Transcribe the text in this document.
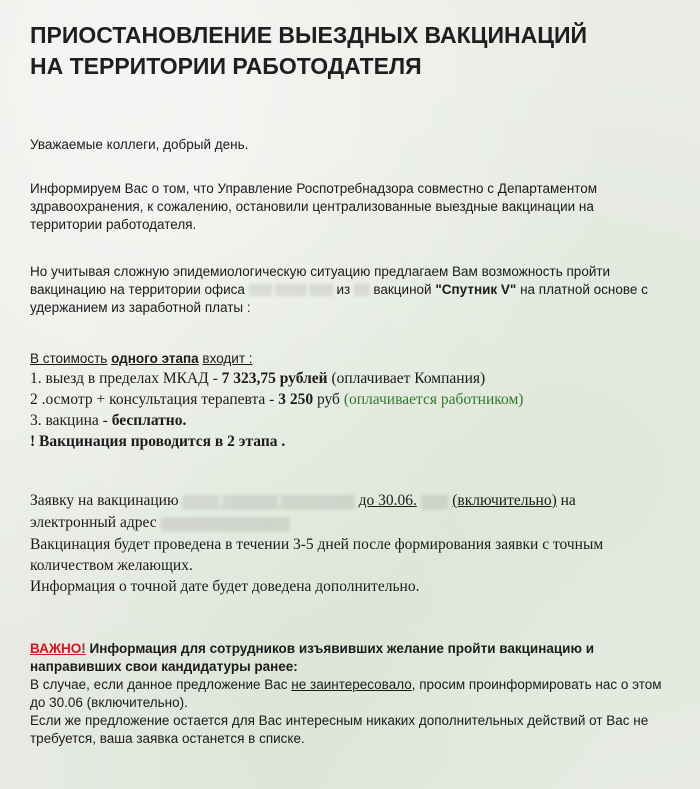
ПРИОСТАНОВЛЕНИЕ ВЫЕЗДНЫХ ВАКЦИНАЦИЙ
НА ТЕРРИТОРИИ РАБОТОДАТЕЛЯ

Уважаемые коллеги, добрый день.

Информируем Вас о том, что Управление Роспотребнадзора совместно с Департаментом здравоохранения, к сожалению, остановили централизованные выездные вакцинации на территории работодателя.

Но учитывая сложную эпидемиологическую ситуацию предлагаем Вам возможность пройти вакцинацию на территории офиса ▒▒▒ ▒▒▒▒ ▒▒▒ из ▒▒ вакциной "Спутник V" на платной основе с удержанием из заработной платы :

В стоимость одного этапа входит :
1. выезд в пределах МКАД - 7 323,75 рублей (оплачивает Компания)
2 .осмотр + консультация терапевта - 3 250 руб (оплачивается работником)
3. вакцина - бесплатно.
! Вакцинация проводится в 2 этапа .
Заявку на вакцинацию ▒▒▒▒ ▒▒▒▒▒▒ ▒▒▒▒▒▒▒▒ до 30.06. ▒▒▒ (включительно) на электронный адрес ▒▒▒▒▒▒▒▒▒▒▒▒▒▒
Вакцинация будет проведена в течении 3-5 дней после формирования заявки с точным количеством желающих.
Информация о точной дате будет доведена дополнительно.
ВАЖНО! Информация для сотрудников изъявивших желание пройти вакцинацию и направивших свои кандидатуры ранее:
В случае, если данное предложение Вас не заинтересовало, просим проинформировать нас о этом до 30.06 (включительно).
Если же предложение остается для Вас интересным никаких дополнительных действий от Вас не требуется, ваша заявка останется в списке.
